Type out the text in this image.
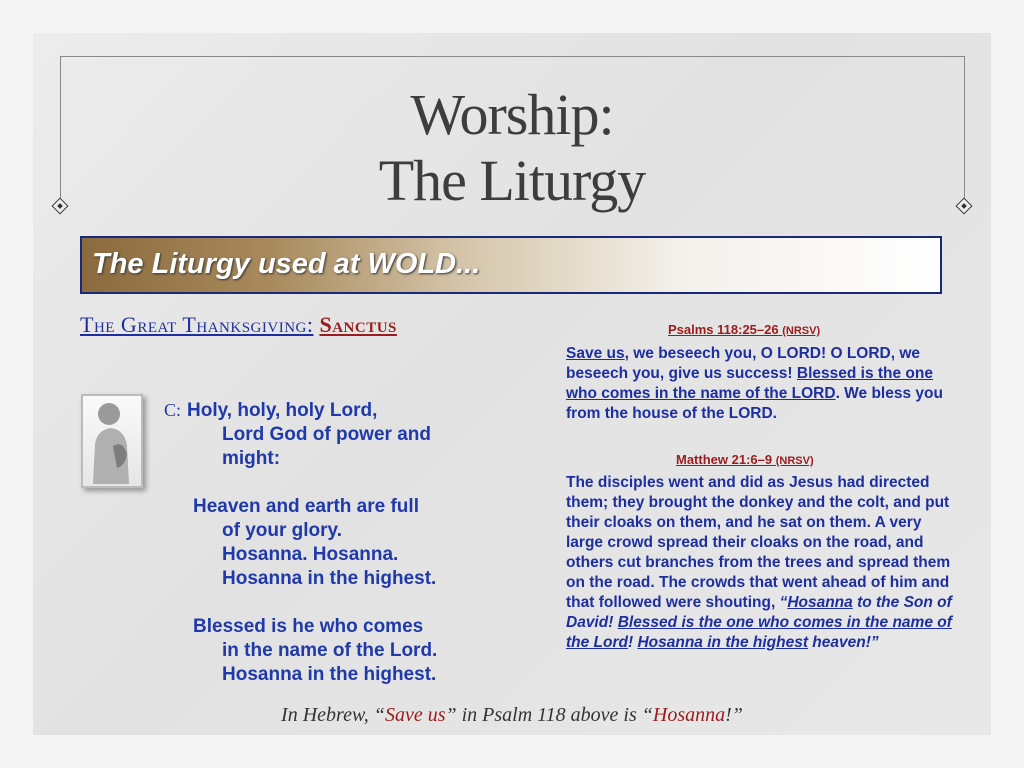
Worship:
The Liturgy
The Liturgy used at WOLD...
The Great Thanksgiving: Sanctus
C: Holy, holy, holy Lord,
Lord God of power and
might:
Heaven and earth are full
of your glory.
Hosanna. Hosanna.
Hosanna in the highest.
Blessed is he who comes
in the name of the Lord.
Hosanna in the highest.
Psalms 118:25–26 (NRSV)
Save us, we beseech you, O LORD! O LORD, we beseech you, give us success! Blessed is the one who comes in the name of the LORD. We bless you from the house of the LORD.
Matthew 21:6–9 (NRSV)
The disciples went and did as Jesus had directed them; they brought the donkey and the colt, and put their cloaks on them, and he sat on them. A very large crowd spread their cloaks on the road, and others cut branches from the trees and spread them on the road. The crowds that went ahead of him and that followed were shouting, “Hosanna to the Son of David! Blessed is the one who comes in the name of the Lord! Hosanna in the highest heaven!”
In Hebrew, “Save us” in Psalm 118 above is “Hosanna!”
